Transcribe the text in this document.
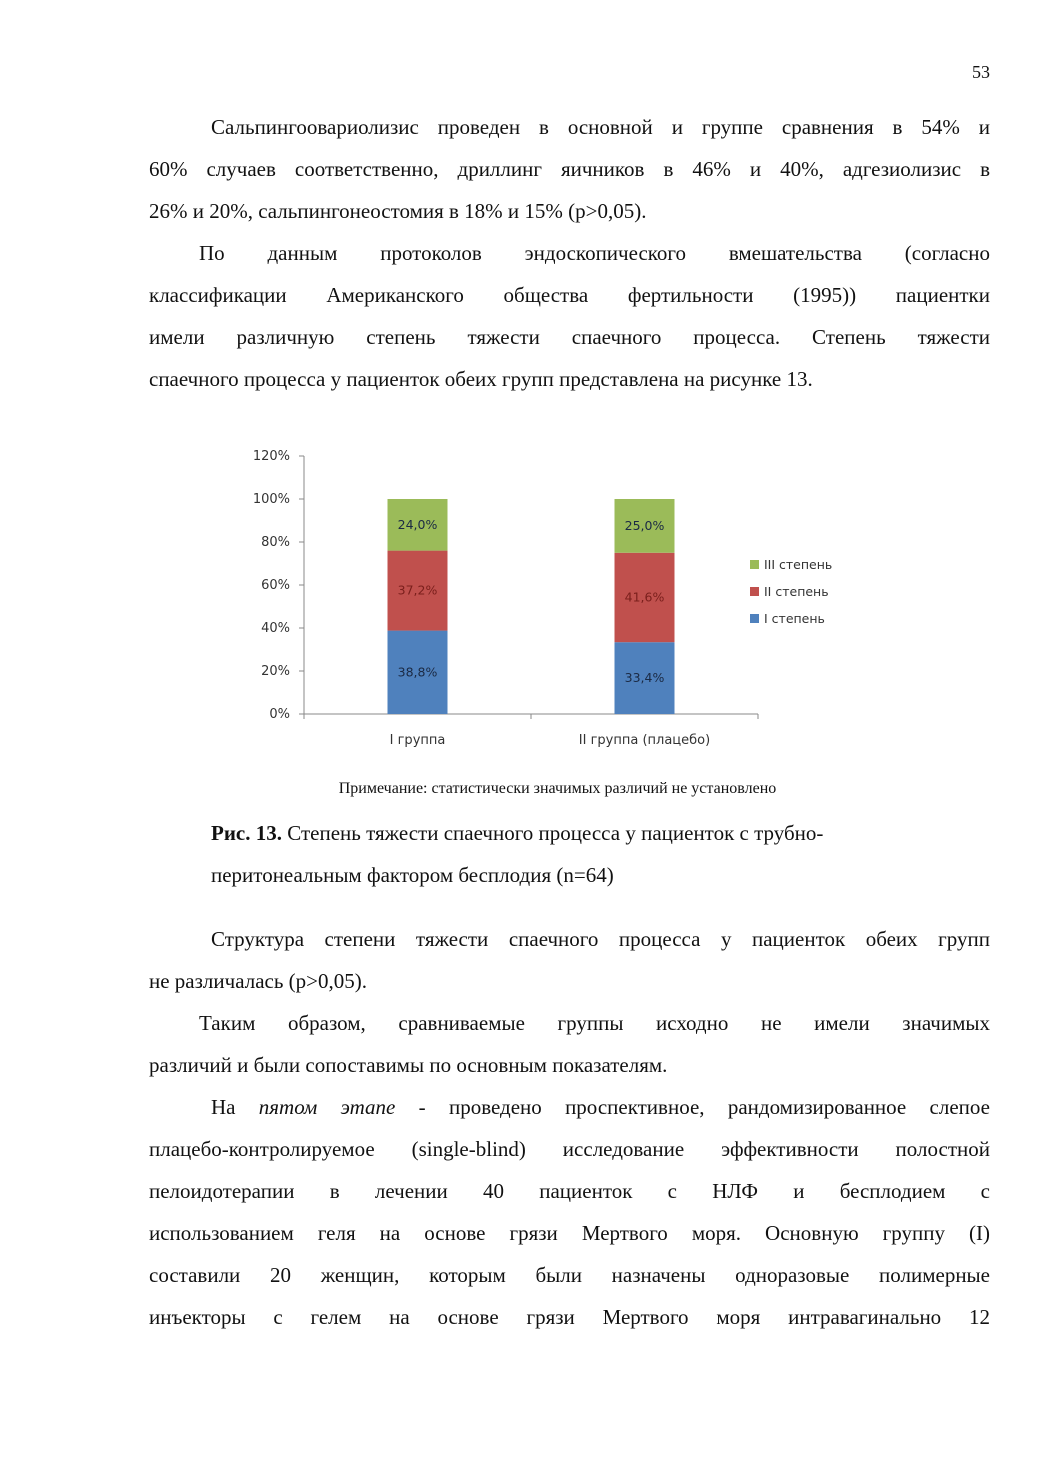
53
Сальпингоовариолизис проведен в основной и группе сравнения в 54% и
60% случаев соответственно, дриллинг яичников в 46% и 40%, адгезиолизис в
26% и 20%, сальпингонеостомия в 18% и 15% (p>0,05).
По данным протоколов эндоскопического вмешательства (согласно
классификации Американского общества фертильности (1995)) пациентки
имели различную степень тяжести спаечного процесса. Степень тяжести
спаечного процесса у пациенток обеих групп представлена на рисунке 13.
0%
20%
40%
60%
80%
100%
120%
38,8%
37,2%
24,0%
I группа
33,4%
41,6%
25,0%
II группа (плацебо)
III степень
II степень
I степень
Примечание: статистически значимых различий не установлено
Рис. 13. Степень тяжести спаечного процесса у пациенток с трубно-
перитонеальным фактором бесплодия (n=64)
Структура степени тяжести спаечного процесса у пациенток обеих групп
не различалась (p>0,05).
Таким образом, сравниваемые группы исходно не имели значимых
различий и были сопоставимы по основным показателям.
На пятом этапе - проведено проспективное, рандомизированное слепое
плацебо-контролируемое (single-blind) исследование эффективности полостной
пелоидотерапии в лечении 40 пациенток с НЛФ и бесплодием с
использованием геля на основе грязи Мертвого моря. Основную группу (I)
составили 20 женщин, которым были назначены одноразовые полимерные
инъекторы с гелем на основе грязи Мертвого моря интравагинально 12
